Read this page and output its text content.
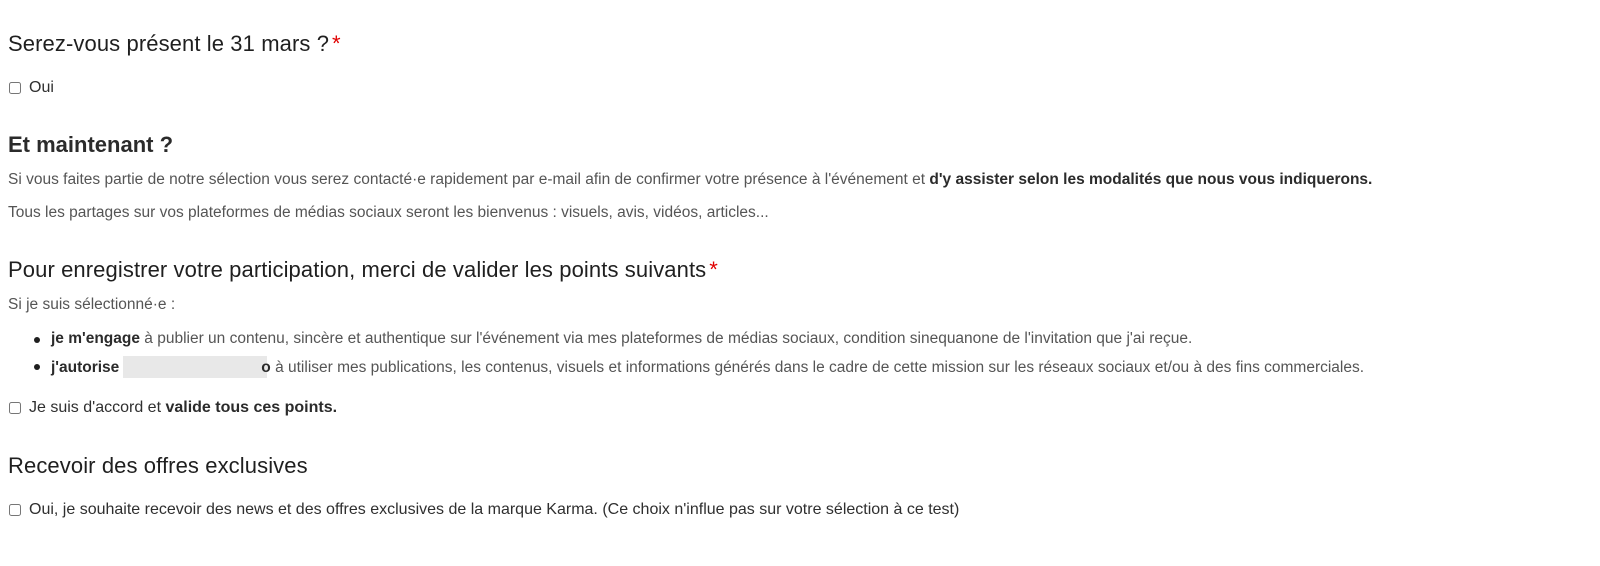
Serez-vous présent le 31 mars ? *
Oui
Et maintenant ?

Si vous faites partie de notre sélection vous serez contacté·e rapidement par e-mail afin de confirmer votre présence à l'événement et d'y assister selon les modalités que nous vous indiquerons.

Tous les partages sur vos plateformes de médias sociaux seront les bienvenus : visuels, avis, vidéos, articles...

Pour enregistrer votre participation, merci de valider les points suivants *

Si je suis sélectionné·e :

je m'engage à publier un contenu, sincère et authentique sur l'événement via mes plateformes de médias sociaux, condition sinequanone de l'invitation que j'ai reçue.
j'autorise	o à utiliser mes publications, les contenus, visuels et informations générés dans le cadre de cette mission sur les réseaux sociaux et/ou à des fins commerciales.
Je suis d'accord et valide tous ces points.
Recevoir des offres exclusives
Oui, je souhaite recevoir des news et des offres exclusives de la marque Karma. (Ce choix n'influe pas sur votre sélection à ce test)
